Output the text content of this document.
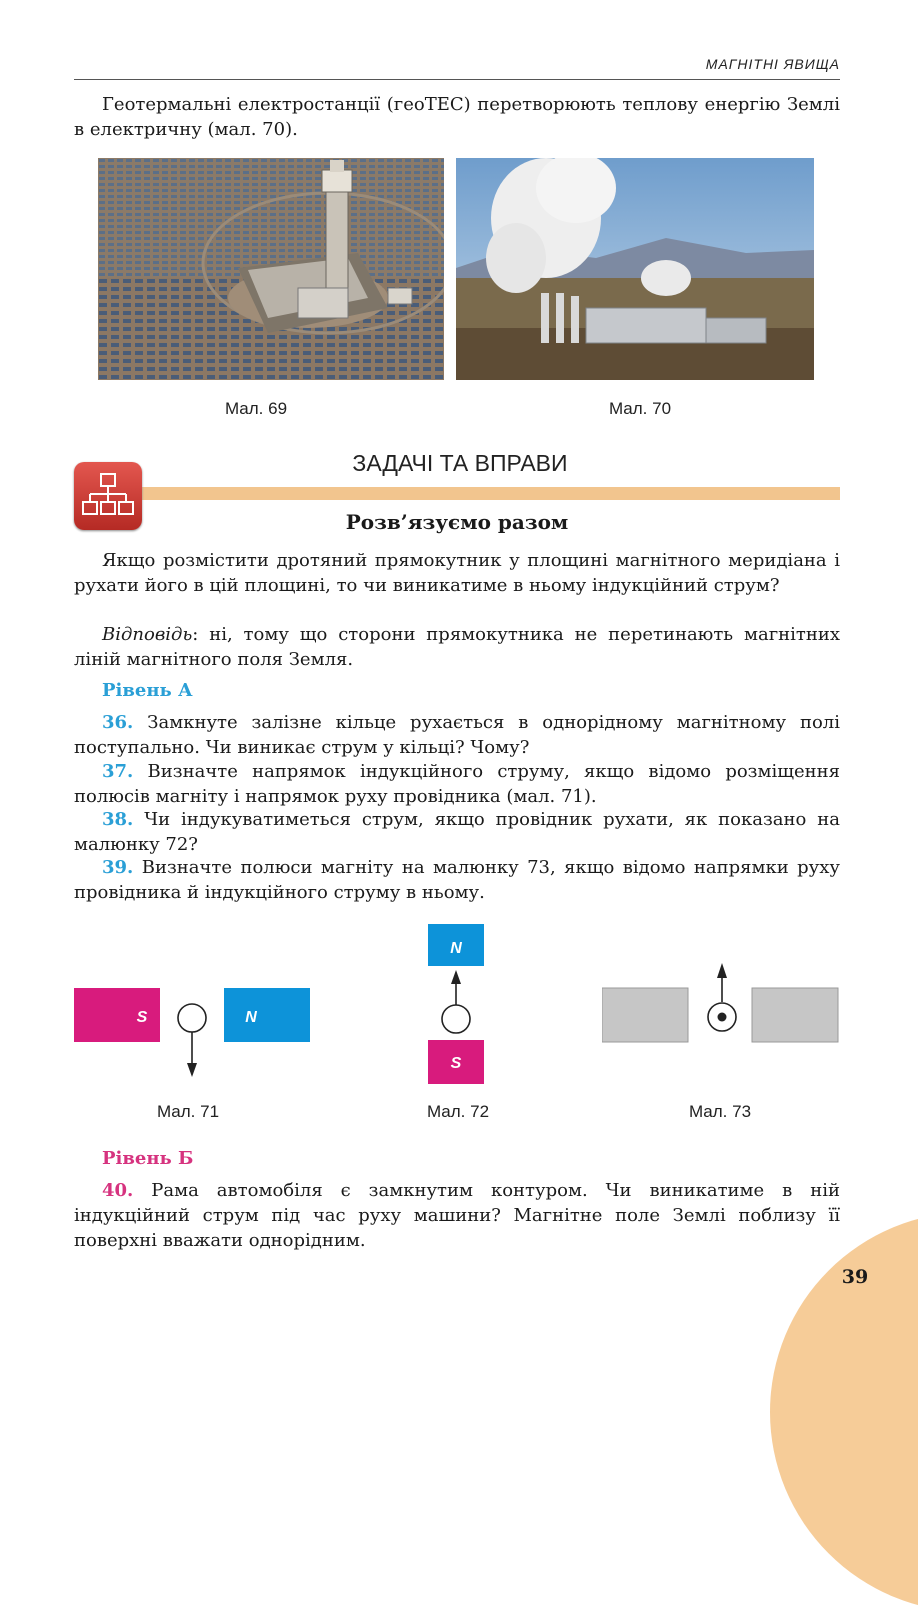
МАГНІТНІ ЯВИЩА

Геотермальні електростанції (геоТЕС) перетворюють теплову енергію Землі в електричну (мал. 70).

Мал. 69	Мал. 70
ЗАДАЧІ ТА ВПРАВИ
Розв’язуємо разом

Якщо розмістити дротяний прямокутник у площині магнітного меридіана і рухати його в цій площині, то чи виникатиме в ньому індукційний струм?

Відповідь: ні, тому що сторони прямокутника не перетинають магнітних ліній магнітного поля Земля.

Рівень А

36. Замкнуте залізне кільце рухається в однорідному магнітному полі поступально. Чи виникає струм у кільці? Чому?

37. Визначте напрямок індукційного струму, якщо відомо розміщення полюсів магніту і напрямок руху провідника (мал. 71).

38. Чи індукуватиметься струм, якщо провідник рухати, як показано на малюнку 72?

39. Визначте полюси магніту на малюнку 73, якщо відомо напрямки руху провідника й індукційного струму в ньому.

S	N
Мал. 71
N
S
Мал. 72	Мал. 73
Рівень Б

40. Рама автомобіля є замкнутим контуром. Чи виникатиме в ній індукційний струм під час руху машини? Магнітне поле Землі поблизу її поверхні вважати однорідним.

39
